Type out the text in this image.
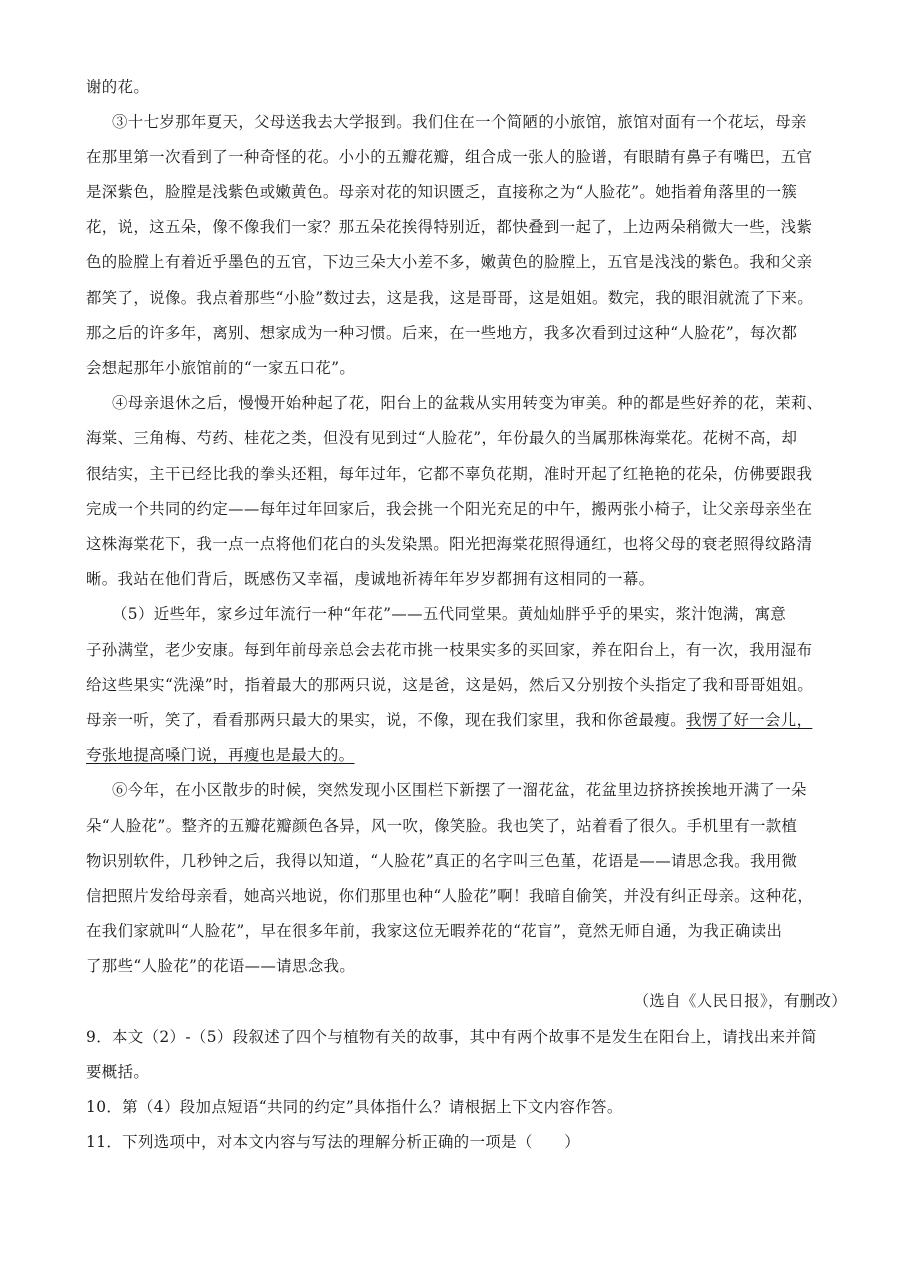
谢的花。
③十七岁那年夏天，父母送我去大学报到。我们住在一个简陋的小旅馆，旅馆对面有一个花坛，母亲
在那里第一次看到了一种奇怪的花。小小的五瓣花瓣，组合成一张人的脸谱，有眼睛有鼻子有嘴巴，五官
是深紫色，脸膛是浅紫色或嫩黄色。母亲对花的知识匮乏，直接称之为“人脸花”。她指着角落里的一簇
花，说，这五朵，像不像我们一家？那五朵花挨得特别近，都快叠到一起了，上边两朵稍微大一些，浅紫
色的脸膛上有着近乎墨色的五官，下边三朵大小差不多，嫩黄色的脸膛上，五官是浅浅的紫色。我和父亲
都笑了，说像。我点着那些“小脸”数过去，这是我，这是哥哥，这是姐姐。数完，我的眼泪就流了下来。
那之后的许多年，离别、想家成为一种习惯。后来，在一些地方，我多次看到过这种“人脸花”，每次都
会想起那年小旅馆前的“一家五口花”。
④母亲退休之后，慢慢开始种起了花，阳台上的盆栽从实用转变为审美。种的都是些好养的花，茉莉、
海棠、三角梅、芍药、桂花之类，但没有见到过“人脸花”，年份最久的当属那株海棠花。花树不高，却
很结实，主干已经比我的拳头还粗，每年过年，它都不辜负花期，准时开起了红艳艳的花朵，仿佛要跟我
完成一个共同的约定——每年过年回家后，我会挑一个阳光充足的中午，搬两张小椅子，让父亲母亲坐在
这株海棠花下，我一点一点将他们花白的头发染黑。阳光把海棠花照得通红，也将父母的衰老照得纹路清
晰。我站在他们背后，既感伤又幸福，虔诚地祈祷年年岁岁都拥有这相同的一幕。
（5）近些年，家乡过年流行一种“年花”——五代同堂果。黄灿灿胖乎乎的果实，浆汁饱满，寓意
子孙满堂，老少安康。每到年前母亲总会去花市挑一枝果实多的买回家，养在阳台上，有一次，我用湿布
给这些果实“洗澡”时，指着最大的那两只说，这是爸，这是妈，然后又分别按个头指定了我和哥哥姐姐。
母亲一听，笑了，看看那两只最大的果实，说，不像，现在我们家里，我和你爸最瘦。我愣了好一会儿，
夸张地提高嗓门说，再瘦也是最大的。
⑥今年，在小区散步的时候，突然发现小区围栏下新摆了一溜花盆，花盆里边挤挤挨挨地开满了一朵
朵“人脸花”。整齐的五瓣花瓣颜色各异，风一吹，像笑脸。我也笑了，站着看了很久。手机里有一款植
物识别软件，几秒钟之后，我得以知道，“人脸花”真正的名字叫三色堇，花语是——请思念我。我用微
信把照片发给母亲看，她高兴地说，你们那里也种“人脸花”啊！我暗自偷笑，并没有纠正母亲。这种花，
在我们家就叫“人脸花”，早在很多年前，我家这位无暇养花的“花盲”，竟然无师自通，为我正确读出
了那些“人脸花”的花语——请思念我。
（选自《人民日报》，有删改）
9．本文（2）-（5）段叙述了四个与植物有关的故事，其中有两个故事不是发生在阳台上，请找出来并简
要概括。
10．第（4）段加点短语“共同的约定”具体指什么？请根据上下文内容作答。
11．下列选项中，对本文内容与写法的理解分析正确的一项是（　　）
